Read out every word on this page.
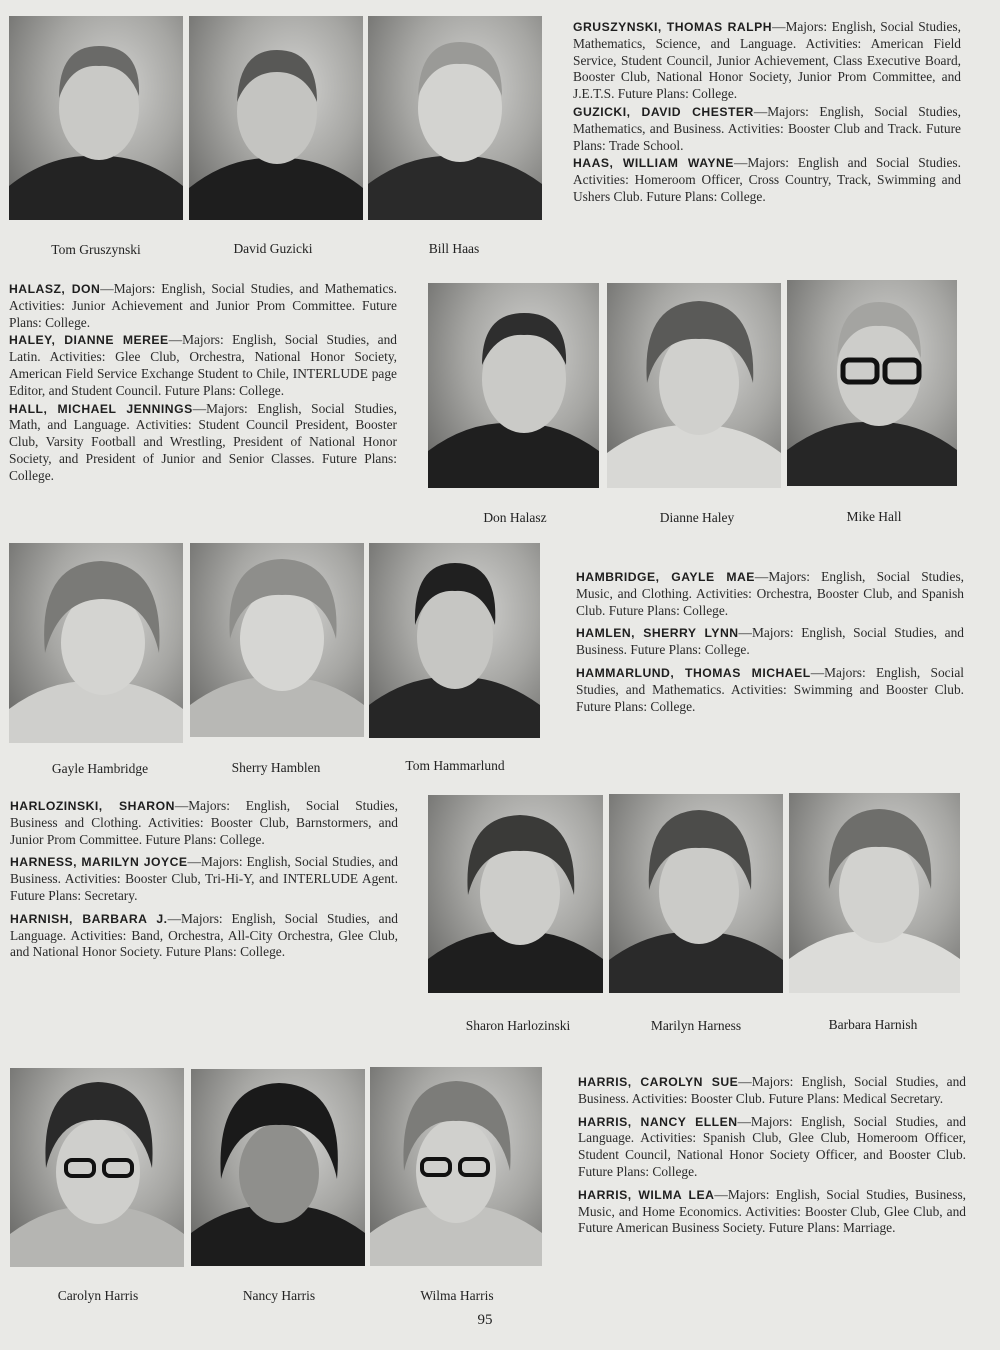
Tom Gruszynski	David Guzicki	Bill Haas

GRUSZYNSKI, THOMAS RALPH—Majors: English, Social Studies, Mathematics, Science, and Language. Activities: American Field Service, Student Council, Junior Achievement, Class Executive Board, Booster Club, National Honor Society, Junior Prom Committee, and J.E.T.S. Future Plans: College.

GUZICKI, DAVID CHESTER—Majors: English, Social Studies, Mathematics, and Business. Activities: Booster Club and Track. Future Plans: Trade School.

HAAS, WILLIAM WAYNE—Majors: English and Social Studies. Activities: Homeroom Officer, Cross Country, Track, Swimming and Ushers Club. Future Plans: College.

HALASZ, DON—Majors: English, Social Studies, and Mathematics. Activities: Junior Achievement and Junior Prom Committee. Future Plans: College.

HALEY, DIANNE MEREE—Majors: English, Social Studies, and Latin. Activities: Glee Club, Orchestra, National Honor Society, American Field Service Exchange Student to Chile, INTERLUDE page Editor, and Student Council. Future Plans: College.

HALL, MICHAEL JENNINGS—Majors: English, Social Studies, Math, and Language. Activities: Student Council President, Booster Club, Varsity Football and Wrestling, President of National Honor Society, and President of Junior and Senior Classes. Future Plans: College.

Don Halasz	Dianne Haley	Mike Hall
Gayle Hambridge	Sherry Hamblen	Tom Hammarlund

HAMBRIDGE, GAYLE MAE—Majors: English, Social Studies, Music, and Clothing. Activities: Orchestra, Booster Club, and Spanish Club. Future Plans: College.

HAMLEN, SHERRY LYNN—Majors: English, Social Studies, and Business. Future Plans: College.

HAMMARLUND, THOMAS MICHAEL—Majors: English, Social Studies, and Mathematics. Activities: Swimming and Booster Club. Future Plans: College.

HARLOZINSKI, SHARON—Majors: English, Social Studies, Business and Clothing. Activities: Booster Club, Barnstormers, and Junior Prom Committee. Future Plans: College.

HARNESS, MARILYN JOYCE—Majors: English, Social Studies, and Business. Activities: Booster Club, Tri-Hi-Y, and INTERLUDE Agent. Future Plans: Secretary.

HARNISH, BARBARA J.—Majors: English, Social Studies, and Language. Activities: Band, Orchestra, All-City Orchestra, Glee Club, and National Honor Society. Future Plans: College.

Sharon Harlozinski	Marilyn Harness	Barbara Harnish
Carolyn Harris	Nancy Harris	Wilma Harris

HARRIS, CAROLYN SUE—Majors: English, Social Studies, and Business. Activities: Booster Club. Future Plans: Medical Secretary.

HARRIS, NANCY ELLEN—Majors: English, Social Studies, and Language. Activities: Spanish Club, Glee Club, Homeroom Officer, Student Council, National Honor Society Officer, and Booster Club. Future Plans: College.

HARRIS, WILMA LEA—Majors: English, Social Studies, Business, Music, and Home Economics. Activities: Booster Club, Glee Club, and Future American Business Society. Future Plans: Marriage.

95
